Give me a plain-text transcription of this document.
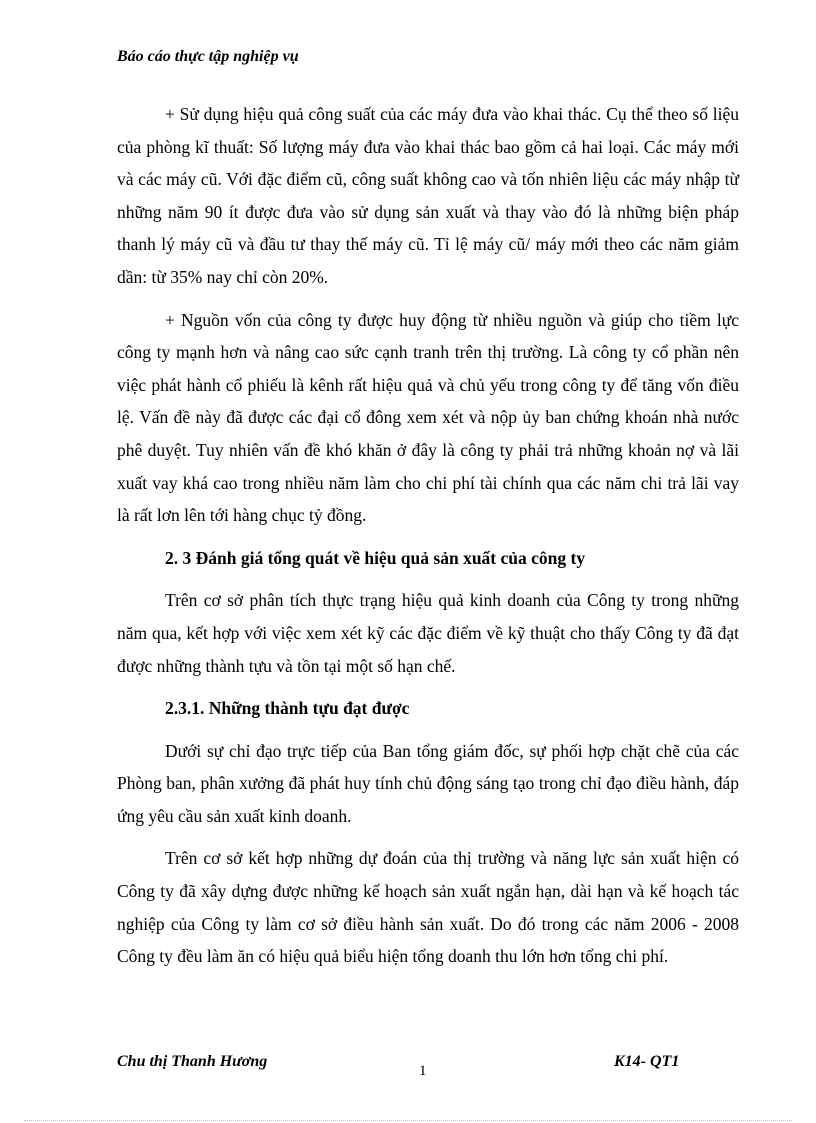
Báo cáo thực tập nghiệp vụ

+ Sử dụng hiệu quả công suất của các máy đưa vào khai thác. Cụ thể theo số liệu của phòng kĩ thuất: Số lượng máy đưa vào khai thác bao gồm cả hai loại. Các máy mới và các máy cũ. Với đặc điểm cũ, công suất không cao và tốn nhiên liệu các máy nhập từ những năm 90 ít được đưa vào sử dụng sản xuất và thay vào đó là những biện pháp thanh lý máy cũ và đầu tư thay thế máy cũ. Tỉ lệ máy cũ/ máy mới theo các năm giảm dần: từ 35% nay chỉ còn 20%.

+ Nguồn vốn của công ty được huy động từ nhiều nguồn và giúp cho tiềm lực công ty mạnh hơn và nâng cao sức cạnh tranh trên thị trường. Là công ty cổ phần nên việc phát hành cổ phiếu là kênh rất hiệu quả và chủ yếu trong công ty để tăng vốn điều lệ. Vấn đề này đã được các đại cổ đông xem xét và nộp ủy ban chứng khoán nhà nước phê duyệt. Tuy nhiên vấn đề khó khăn ở đây là công ty phải trả những khoản nợ và lãi xuất vay khá cao trong nhiều năm làm cho chi phí tài chính qua các năm chi trả lãi vay là rất lơn lên tới hàng chục tỷ đồng.

2. 3 Đánh giá tổng quát về hiệu quả sản xuất của công ty

Trên cơ sở phân tích thực trạng hiệu quả kinh doanh của Công ty trong những năm qua, kết hợp với việc xem xét kỹ các đặc điểm về kỹ thuật cho thấy Công ty đã đạt được những thành tựu và tồn tại một số hạn chế.

2.3.1. Những thành tựu đạt được

Dưới sự chỉ đạo trực tiếp của Ban tổng giám đốc, sự phối hợp chặt chẽ của các Phòng ban, phân xưởng đã phát huy tính chủ động sáng tạo trong chỉ đạo điều hành, đáp ứng yêu cầu sản xuất kinh doanh.

Trên cơ sở kết hợp những dự đoán của thị trường và năng lực sản xuất hiện có Công ty đã xây dựng được những kế hoạch sản xuất ngắn hạn, dài hạn và kế hoạch tác nghiệp của Công ty làm cơ sở điều hành sản xuất. Do đó trong các năm 2006 - 2008 Công ty đều làm ăn có hiệu quả biểu hiện tổng doanh thu lớn hơn tổng chi phí.

Chu thị Thanh Hương
1
K14- QT1
